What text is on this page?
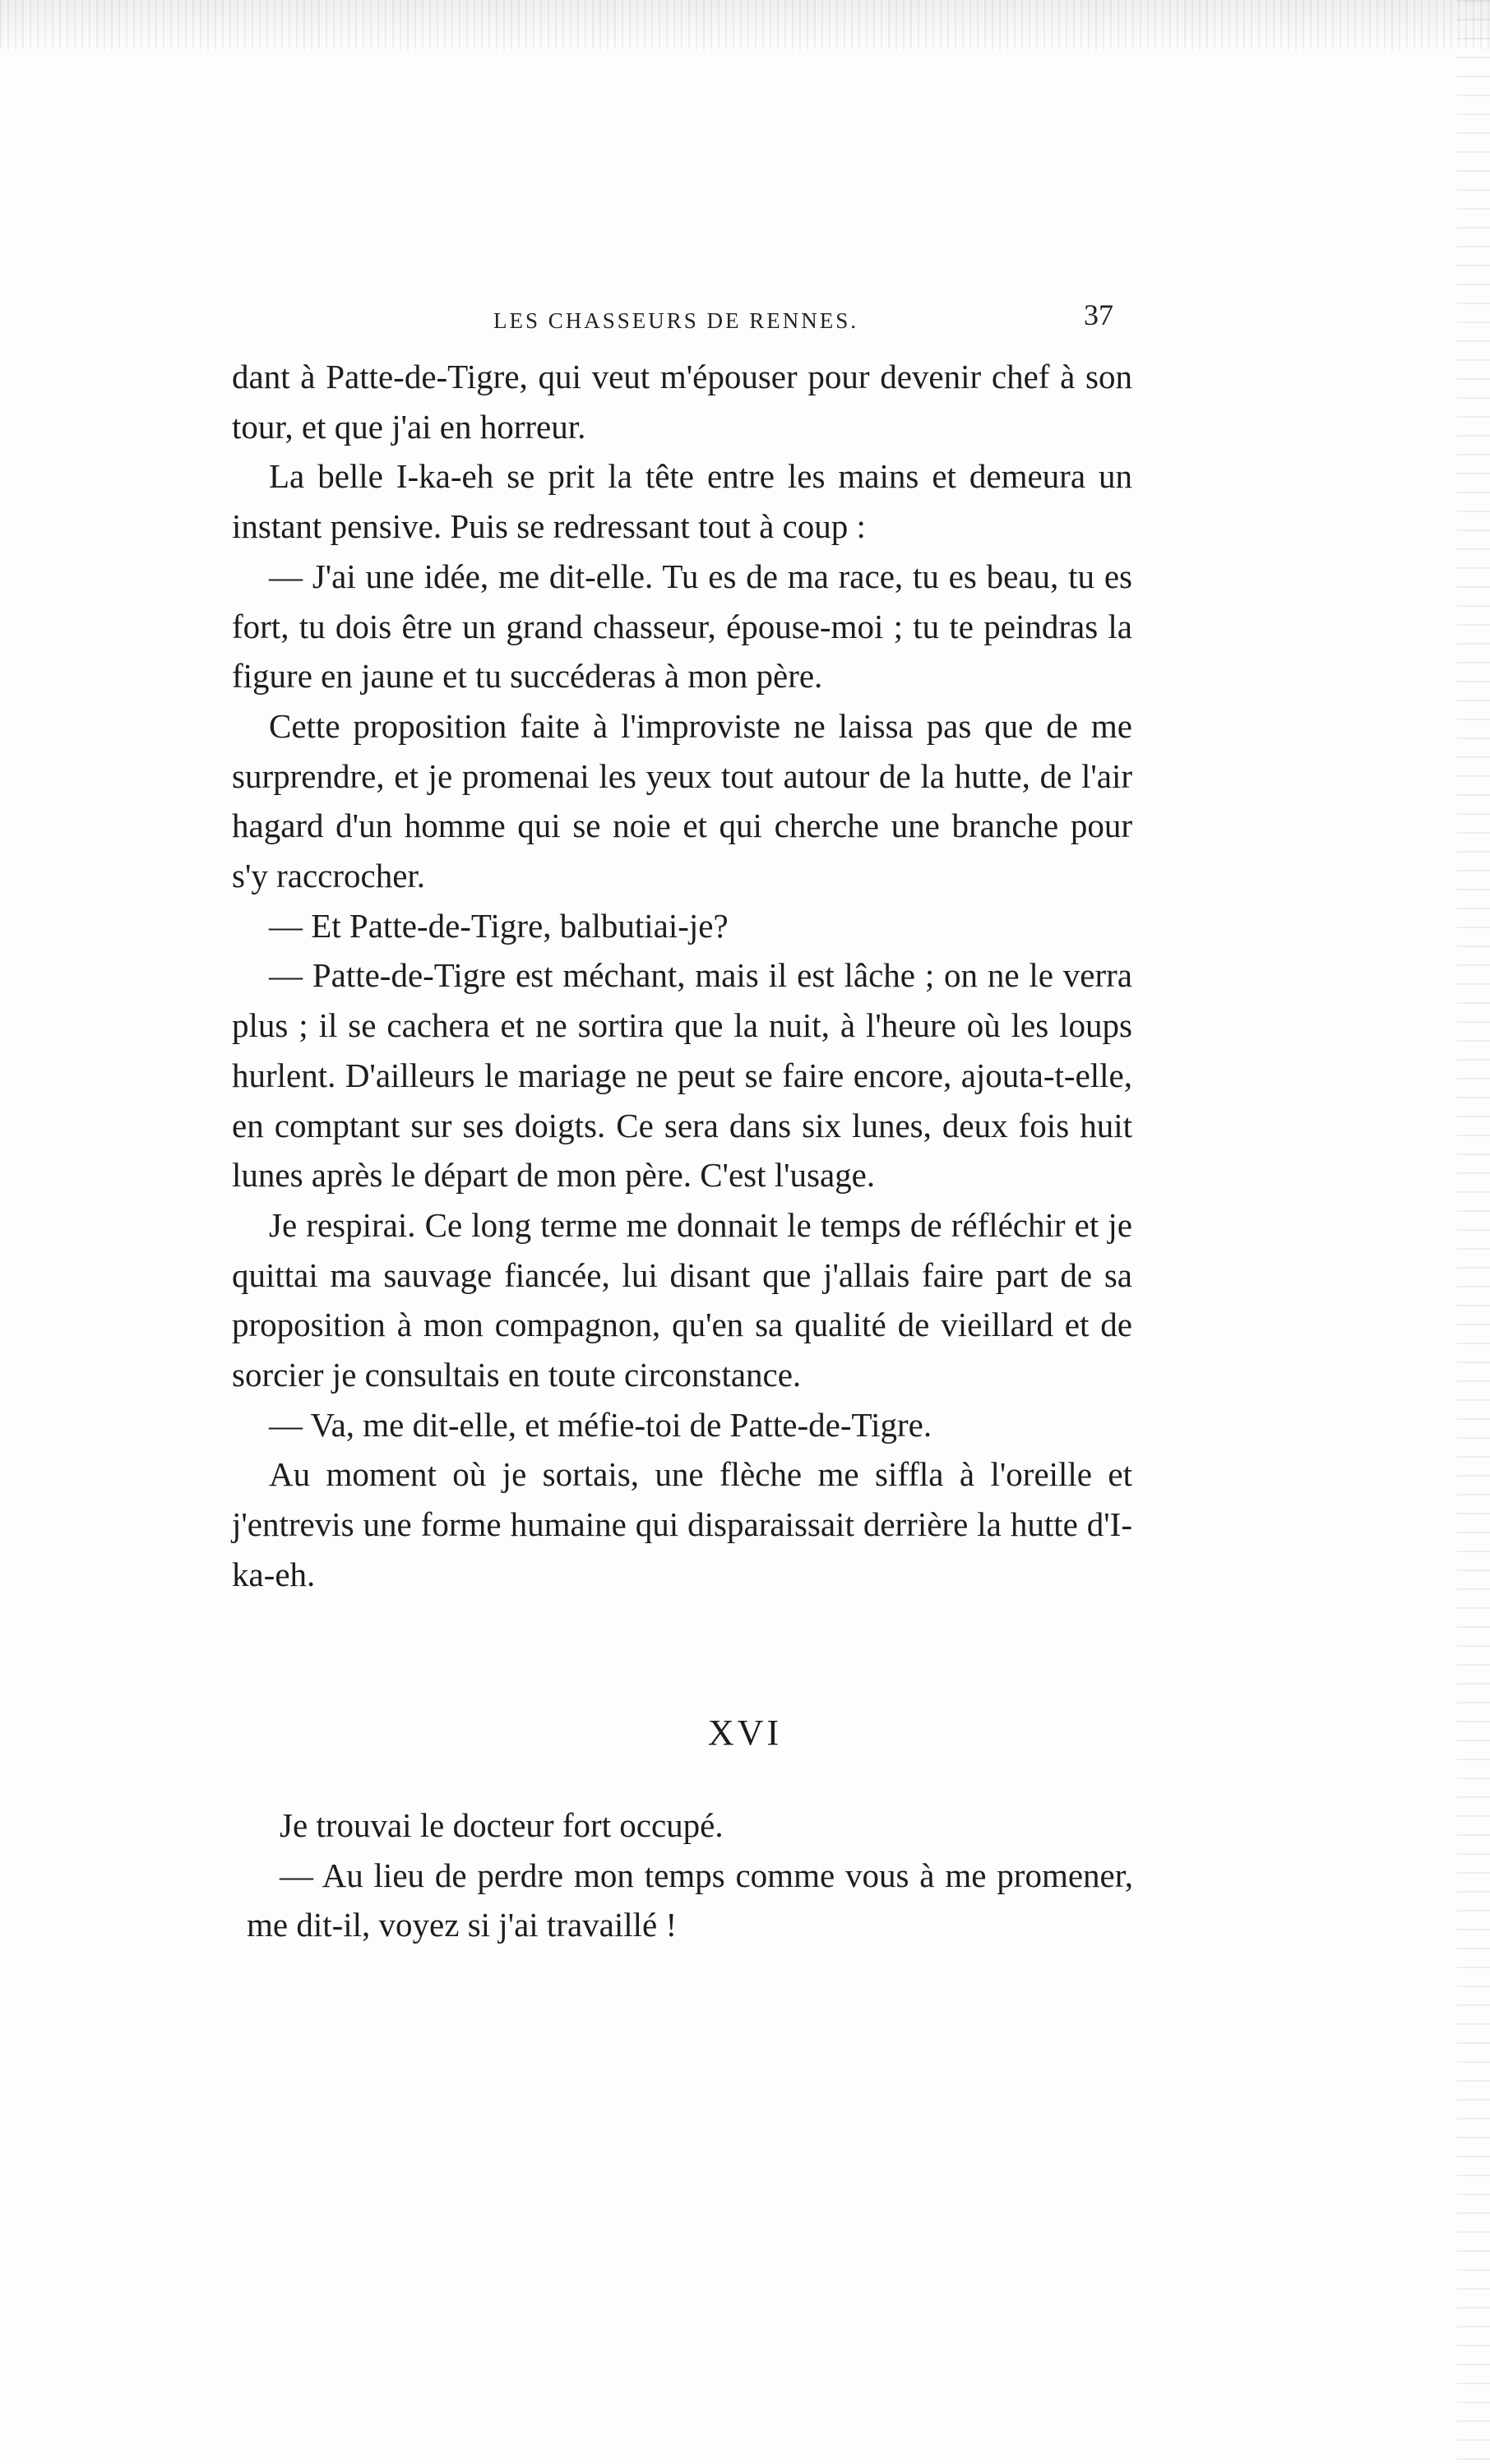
LES CHASSEURS DE RENNES.	37

dant à Patte-de-Tigre, qui veut m'épouser pour devenir chef à son tour, et que j'ai en horreur.

La belle I-ka-eh se prit la tête entre les mains et demeura un instant pensive. Puis se redressant tout à coup :

— J'ai une idée, me dit-elle. Tu es de ma race, tu es beau, tu es fort, tu dois être un grand chasseur, épouse-moi ; tu te peindras la figure en jaune et tu succéderas à mon père.

Cette proposition faite à l'improviste ne laissa pas que de me surprendre, et je promenai les yeux tout autour de la hutte, de l'air hagard d'un homme qui se noie et qui cherche une branche pour s'y raccrocher.

— Et Patte-de-Tigre, balbutiai-je?

— Patte-de-Tigre est méchant, mais il est lâche ; on ne le verra plus ; il se cachera et ne sortira que la nuit, à l'heure où les loups hurlent. D'ailleurs le mariage ne peut se faire encore, ajouta-t-elle, en comptant sur ses doigts. Ce sera dans six lunes, deux fois huit lunes après le départ de mon père. C'est l'usage.

Je respirai. Ce long terme me donnait le temps de réfléchir et je quittai ma sauvage fiancée, lui disant que j'allais faire part de sa proposition à mon compagnon, qu'en sa qualité de vieillard et de sorcier je consultais en toute circonstance.

— Va, me dit-elle, et méfie-toi de Patte-de-Tigre.

Au moment où je sortais, une flèche me siffla à l'oreille et j'entrevis une forme humaine qui disparaissait derrière la hutte d'I-ka-eh.

XVI

Je trouvai le docteur fort occupé.

— Au lieu de perdre mon temps comme vous à me promener, me dit-il, voyez si j'ai travaillé !
